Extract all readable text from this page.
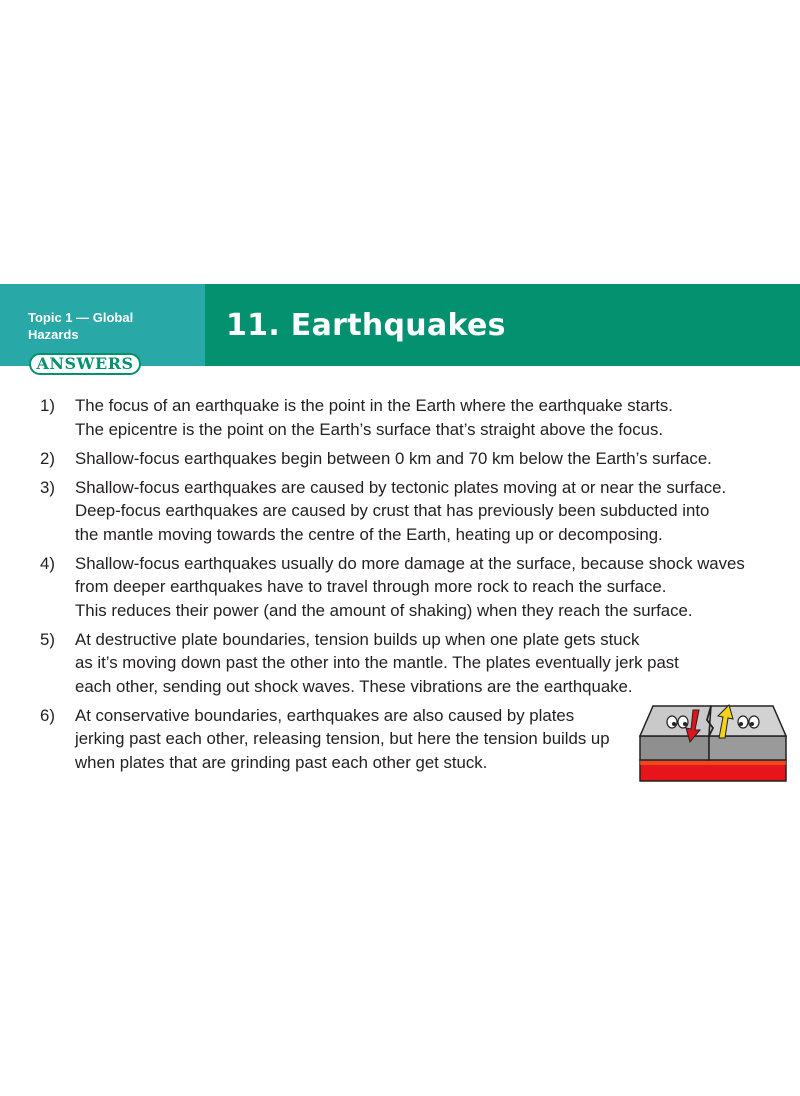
Topic 1 — Global Hazards
ANSWERS
11. Earthquakes
1) The focus of an earthquake is the point in the Earth where the earthquake starts.
The epicentre is the point on the Earth’s surface that’s straight above the focus.
2) Shallow-focus earthquakes begin between 0 km and 70 km below the Earth’s surface.
3) Shallow-focus earthquakes are caused by tectonic plates moving at or near the surface.
Deep-focus earthquakes are caused by crust that has previously been subducted into
the mantle moving towards the centre of the Earth, heating up or decomposing.
4) Shallow-focus earthquakes usually do more damage at the surface, because shock waves
from deeper earthquakes have to travel through more rock to reach the surface.
This reduces their power (and the amount of shaking) when they reach the surface.
5) At destructive plate boundaries, tension builds up when one plate gets stuck
as it’s moving down past the other into the mantle. The plates eventually jerk past
each other, sending out shock waves. These vibrations are the earthquake.
6) At conservative boundaries, earthquakes are also caused by plates
jerking past each other, releasing tension, but here the tension builds up
when plates that are grinding past each other get stuck.
